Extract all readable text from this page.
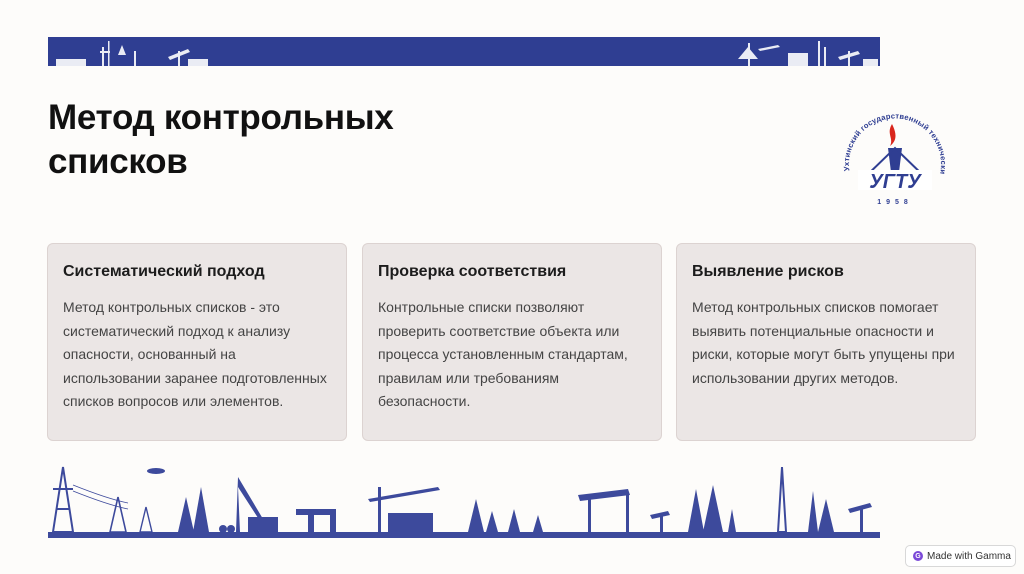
Метод контрольных списков	Ухтинский государственный технически
УГТУ
1958
Систематический подход
Метод контрольных списков - это систематический подход к анализу опасности, основанный на использовании заранее подготовленных списков вопросов или элементов.
Проверка соответствия
Контрольные списки позволяют проверить соответствие объекта или процесса установленным стандартам, правилам или требованиям безопасности.
Выявление рисков
Метод контрольных списков помогает выявить потенциальные опасности и риски, которые могут быть упущены при использовании других методов.
G Made with Gamma
